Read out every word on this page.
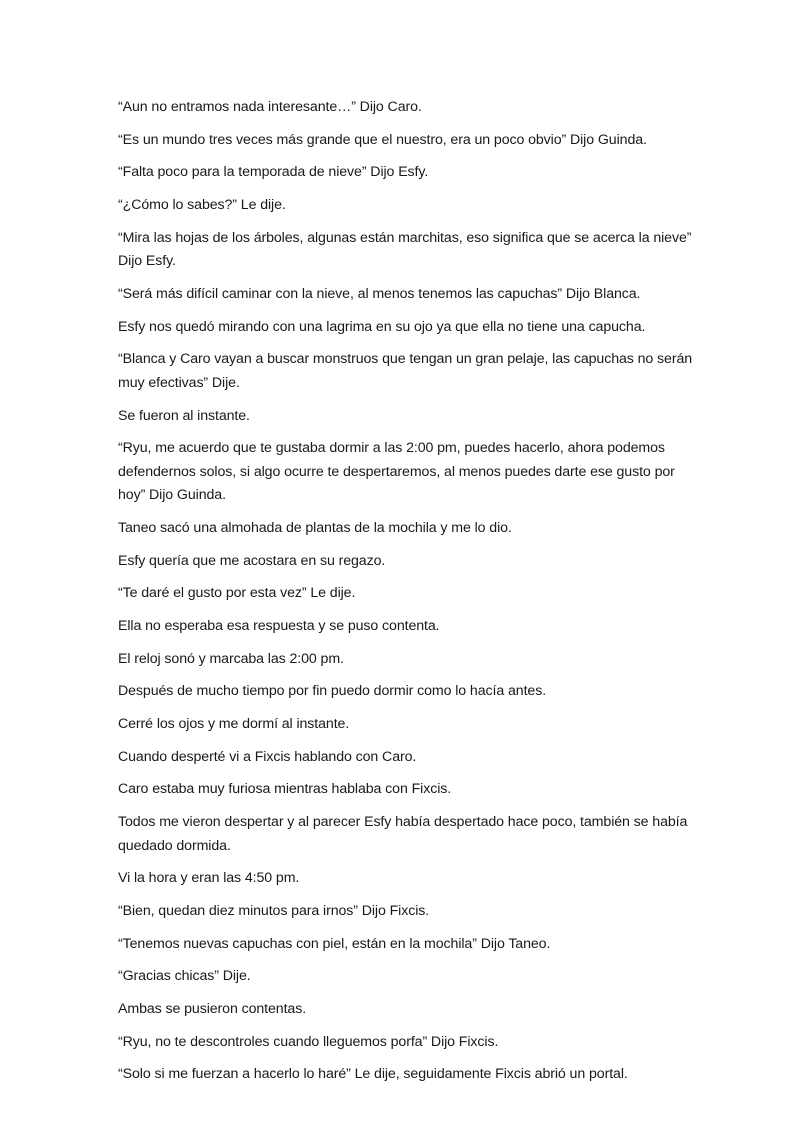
“Aun no entramos nada interesante…” Dijo Caro.

“Es un mundo tres veces más grande que el nuestro, era un poco obvio” Dijo Guinda.

“Falta poco para la temporada de nieve” Dijo Esfy.

“¿Cómo lo sabes?” Le dije.

“Mira las hojas de los árboles, algunas están marchitas, eso significa que se acerca la nieve” Dijo Esfy.

“Será más difícil caminar con la nieve, al menos tenemos las capuchas” Dijo Blanca.

Esfy nos quedó mirando con una lagrima en su ojo ya que ella no tiene una capucha.

“Blanca y Caro vayan a buscar monstruos que tengan un gran pelaje, las capuchas no serán muy efectivas” Dije.

Se fueron al instante.

“Ryu, me acuerdo que te gustaba dormir a las 2:00 pm, puedes hacerlo, ahora podemos defendernos solos, si algo ocurre te despertaremos, al menos puedes darte ese gusto por hoy” Dijo Guinda.

Taneo sacó una almohada de plantas de la mochila y me lo dio.

Esfy quería que me acostara en su regazo.

“Te daré el gusto por esta vez” Le dije.

Ella no esperaba esa respuesta y se puso contenta.

El reloj sonó y marcaba las 2:00 pm.

Después de mucho tiempo por fin puedo dormir como lo hacía antes.

Cerré los ojos y me dormí al instante.

Cuando desperté vi a Fixcis hablando con Caro.

Caro estaba muy furiosa mientras hablaba con Fixcis.

Todos me vieron despertar y al parecer Esfy había despertado hace poco, también se había quedado dormida.

Vi la hora y eran las 4:50 pm.

“Bien, quedan diez minutos para irnos” Dijo Fixcis.

“Tenemos nuevas capuchas con piel, están en la mochila” Dijo Taneo.

“Gracias chicas” Dije.

Ambas se pusieron contentas.

“Ryu, no te descontroles cuando lleguemos porfa” Dijo Fixcis.

“Solo si me fuerzan a hacerlo lo haré” Le dije, seguidamente Fixcis abrió un portal.
